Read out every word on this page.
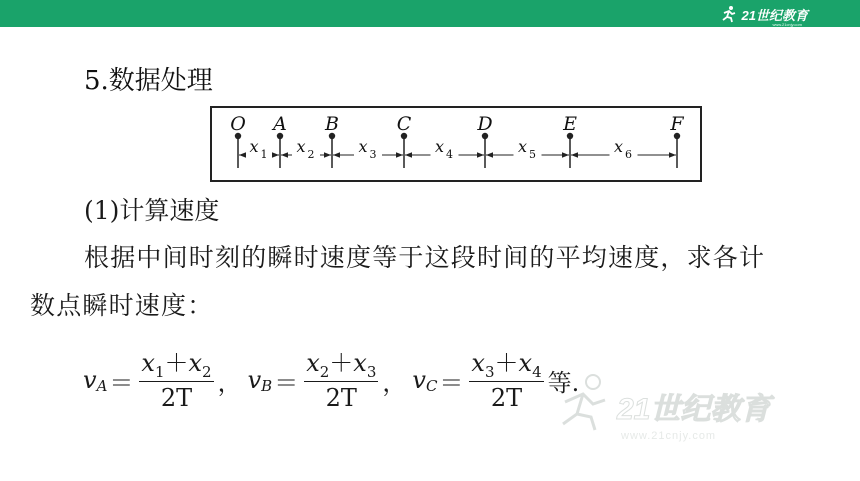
21世纪教育
www.21cnjy.com
21世纪教育
www.21cnjy.com
5.数据处理
O A B	C	D	E	F
x 1 x 2	x 3	x 4	x 5	x 6
(1)计算速度
根据中间时刻的瞬时速度等于这段时间的平均速度，求各计
数点瞬时速度：
v $A = \frac{x_1+x_2}{2T}$ ， v $B = \frac{x_2+x_3}{2T}$ ， v $C = \frac{x_3+x_4}{2T}$ 等.
